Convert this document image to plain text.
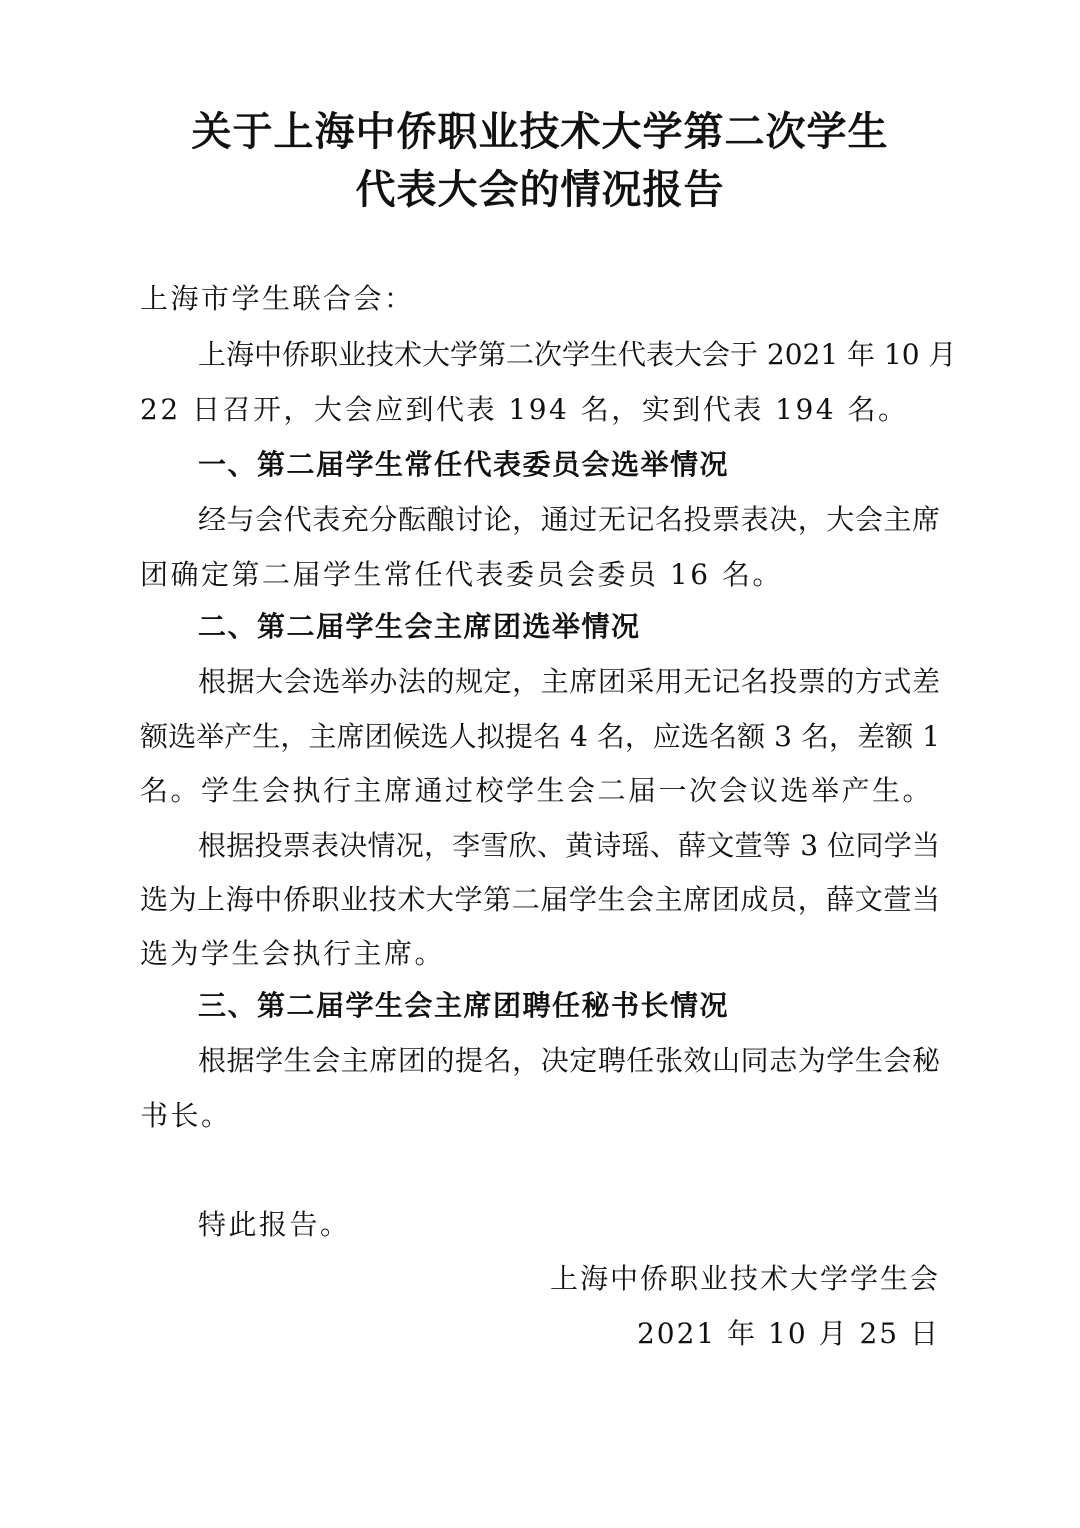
关于上海中侨职业技术大学第二次学生
代表大会的情况报告

上海市学生联合会：

上海中侨职业技术大学第二次学生代表大会于 2021 年 10 月

22 日召开，大会应到代表 194 名，实到代表 194 名。

一、第二届学生常任代表委员会选举情况

经与会代表充分酝酿讨论，通过无记名投票表决，大会主席

团确定第二届学生常任代表委员会委员 16 名。

二、第二届学生会主席团选举情况

根据大会选举办法的规定，主席团采用无记名投票的方式差

额选举产生，主席团候选人拟提名 4 名，应选名额 3 名，差额 1

名。学生会执行主席通过校学生会二届一次会议选举产生。

根据投票表决情况，李雪欣、黄诗瑶、薛文萱等 3 位同学当

选为上海中侨职业技术大学第二届学生会主席团成员，薛文萱当

选为学生会执行主席。

三、第二届学生会主席团聘任秘书长情况

根据学生会主席团的提名，决定聘任张效山同志为学生会秘

书长。

特此报告。

上海中侨职业技术大学学生会

2021 年 10 月 25 日
